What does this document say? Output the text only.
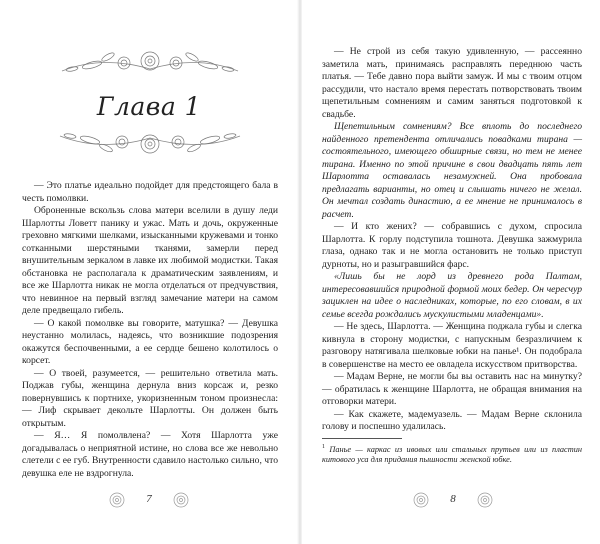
Глава 1

— Это платье идеально подойдет для предстоящего бала в честь помолвки.

Оброненные вскользь слова матери вселили в душу леди Шарлотты Ловетт панику и ужас. Мать и дочь, окруженные греховно мягкими шелками, изысканными кружевами и тонко сотканными шерстяными тканями, замерли перед внушительным зеркалом в лавке их любимой модистки. Такая обстановка не располагала к драматическим заявлениям, и все же Шарлотта никак не могла отделаться от предчувствия, что невинное на первый взгляд замечание матери на самом деле предвещало гибель.

— О какой помолвке вы говорите, матушка? — Девушка неустанно молилась, надеясь, что возникшие подозрения окажутся беспочвенными, а ее сердце бешено колотилось о корсет.

— О твоей, разумеется, — решительно ответила мать. Поджав губы, женщина дернула вниз корсаж и, резко повернувшись к портнихе, укоризненным тоном произнесла: — Лиф скрывает декольте Шарлотты. Он должен быть открытым.

— Я… Я помолвлена? — Хотя Шарлотта уже догадывалась о неприятной истине, но слова все же невольно слетели с ее губ. Внутренности сдавило настолько сильно, что девушка еле не вздрогнула.

7

— Не строй из себя такую удивленную, — рассеянно заметила мать, принимаясь расправлять переднюю часть платья. — Тебе давно пора выйти замуж. И мы с твоим отцом рассудили, что настало время перестать потворствовать твоим щепетильным сомнениям и самим заняться подготовкой к свадьбе.

Щепетильным сомнениям? Все вплоть до последнего найденного претендента отличались повадками тирана — состоятельного, имеющего обширные связи, но тем не менее тирана. Именно по этой причине в свои двадцать пять лет Шарлотта оставалась незамужней. Она пробовала предлагать варианты, но отец и слышать ничего не желал. Он мечтал создать династию, а ее мнение не принималось в расчет.

— И кто жених? — собравшись с духом, спросила Шарлотта. К горлу подступила тошнота. Девушка зажмурила глаза, однако так и не могла остановить не только приступ дурноты, но и разыгравшийся фарс.

«Лишь бы не лорд из древнего рода Палтам, интересовавшийся природной формой моих бедер. Он чересчур зациклен на идее о наследниках, которые, по его словам, в их семье всегда рождались мускулистыми младенцами».

— Не здесь, Шарлотта. — Женщина поджала губы и слегка кивнула в сторону модистки, с напускным безразличием к разговору натягивала шелковые юбки на панье¹. Он подобрала в совершенстве на место ее овладела искусством притворства.

— Мадам Верне, не могли бы вы оставить нас на минутку? — обратилась к женщине Шарлотта, не обращая внимания на отговорки матери.

— Как скажете, мадемуазель. — Мадам Верне склонила голову и поспешно удалилась.

$^1$ Панье — каркас из ивовых или стальных прутьев или из пластин китового уса для придания пышности женской юбке.
8
